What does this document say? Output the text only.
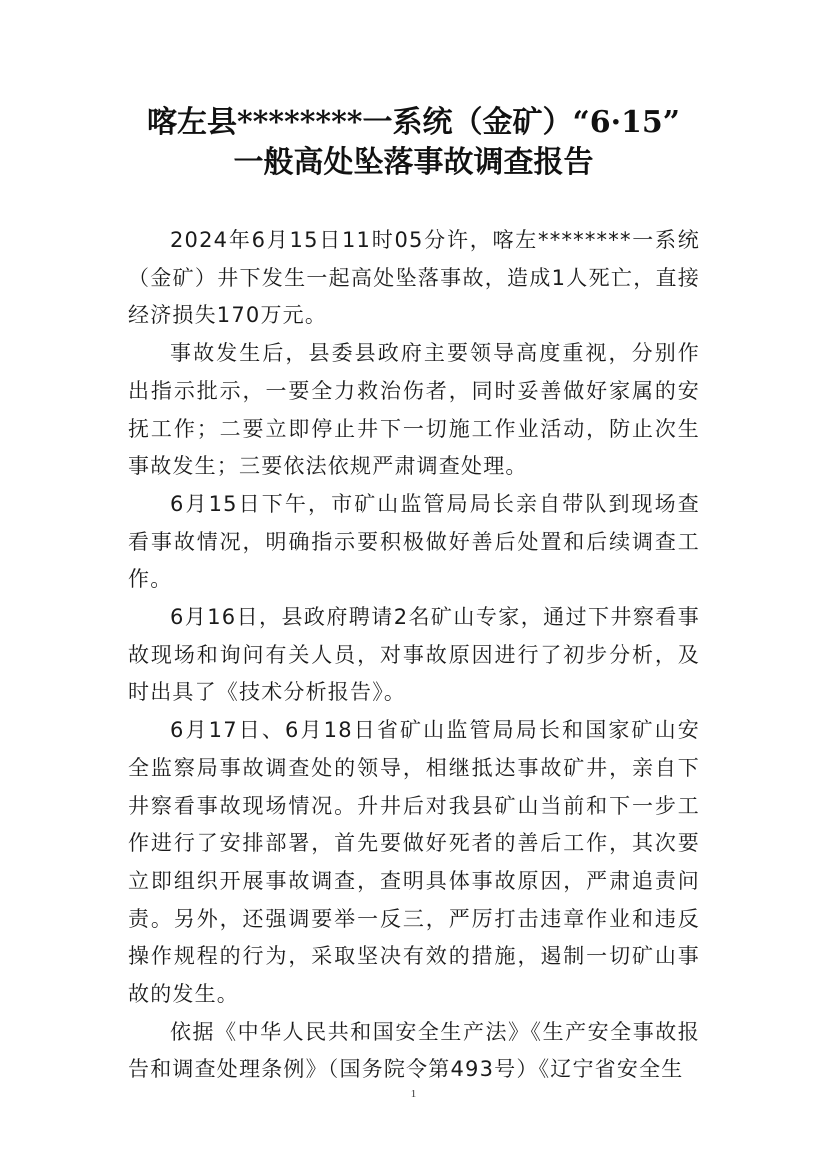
喀左县********一系统（金矿）“6·15”
一般高处坠落事故调查报告

2024年6月15日11时05分许，喀左********一系统（金矿）井下发生一起高处坠落事故，造成1人死亡，直接经济损失170万元。

事故发生后，县委县政府主要领导高度重视，分别作出指示批示，一要全力救治伤者，同时妥善做好家属的安抚工作；二要立即停止井下一切施工作业活动，防止次生事故发生；三要依法依规严肃调查处理。

6月15日下午，市矿山监管局局长亲自带队到现场查看事故情况，明确指示要积极做好善后处置和后续调查工作。

6月16日，县政府聘请2名矿山专家，通过下井察看事故现场和询问有关人员，对事故原因进行了初步分析，及时出具了《技术分析报告》。

6月17日、6月18日省矿山监管局局长和国家矿山安全监察局事故调查处的领导，相继抵达事故矿井，亲自下井察看事故现场情况。升井后对我县矿山当前和下一步工作进行了安排部署，首先要做好死者的善后工作，其次要立即组织开展事故调查，查明具体事故原因，严肃追责问责。另外，还强调要举一反三，严厉打击违章作业和违反操作规程的行为，采取坚决有效的措施，遏制一切矿山事故的发生。

依据《中华人民共和国安全生产法》《生产安全事故报告和调查处理条例》（国务院令第493号）《辽宁省安全生

1
